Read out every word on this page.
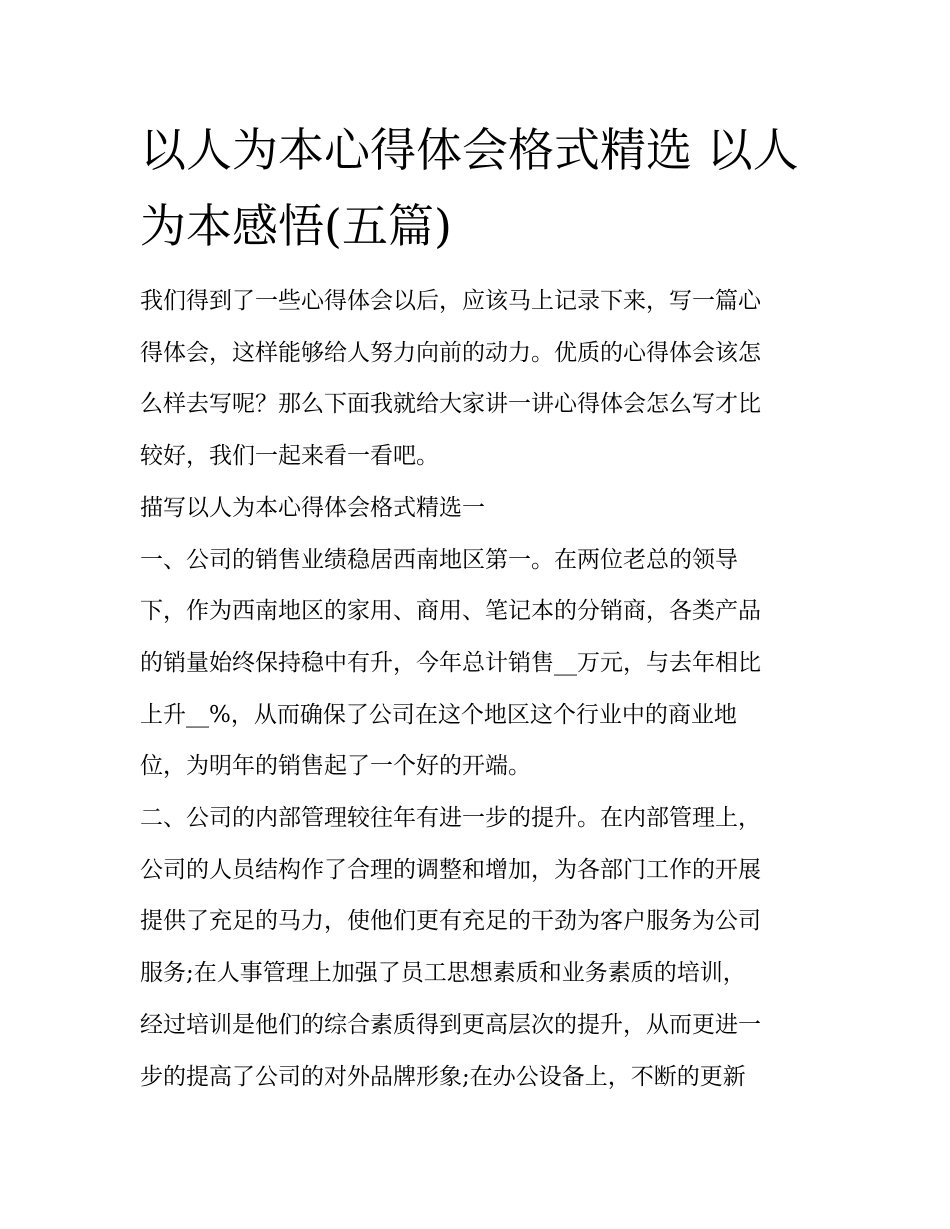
以人为本心得体会格式精选 以人为本感悟(五篇)
我们得到了一些心得体会以后，应该马上记录下来，写一篇心
得体会，这样能够给人努力向前的动力。优质的心得体会该怎
么样去写呢？那么下面我就给大家讲一讲心得体会怎么写才比
较好，我们一起来看一看吧。
描写以人为本心得体会格式精选一
一、公司的销售业绩稳居西南地区第一。在两位老总的领导
下，作为西南地区的家用、商用、笔记本的分销商，各类产品
的销量始终保持稳中有升，今年总计销售__万元，与去年相比
上升__%，从而确保了公司在这个地区这个行业中的商业地
位，为明年的销售起了一个好的开端。
二、公司的内部管理较往年有进一步的提升。在内部管理上，
公司的人员结构作了合理的调整和增加，为各部门工作的开展
提供了充足的马力，使他们更有充足的干劲为客户服务为公司
服务;在人事管理上加强了员工思想素质和业务素质的培训，
经过培训是他们的综合素质得到更高层次的提升，从而更进一
步的提高了公司的对外品牌形象;在办公设备上，不断的更新
